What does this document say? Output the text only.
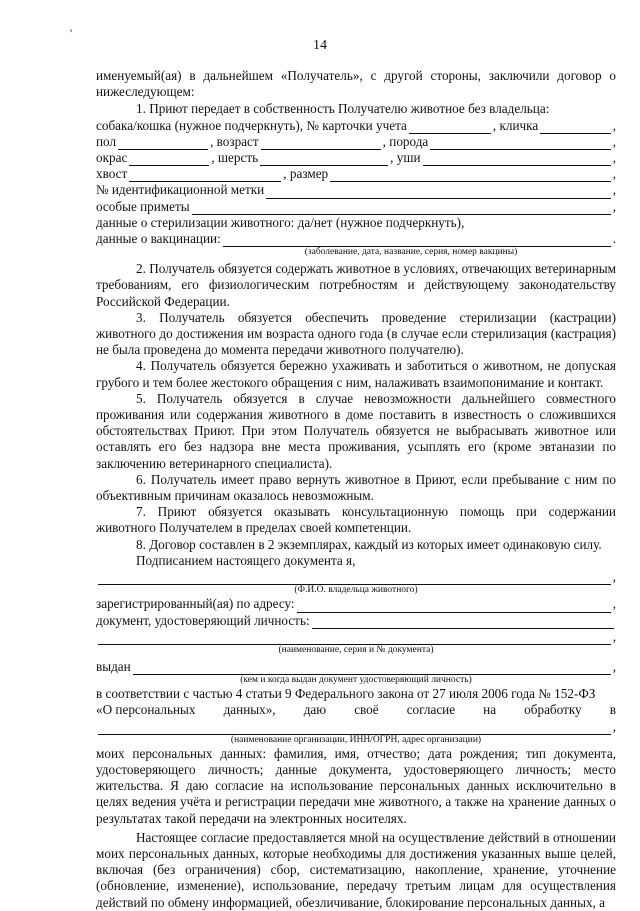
'
14

именуемый(ая) в дальнейшем «Получатель», с другой стороны, заключили договор о нижеследующем:

1. Приют передает в собственность Получателю животное без владельца:

собака/кошка (нужное подчеркнуть), № карточки учета	, кличка	,
пол	, возраст	, порода	,
окрас	, шерсть	, уши	,
хвост	, размер	,
№ идентификационной метки	,
особые приметы	,
данные о стерилизации животного: да/нет (нужное подчеркнуть),
данные о вакцинации:	.
(заболевание, дата, название, серия, номер вакцины)

2. Получатель обязуется содержать животное в условиях, отвечающих ветеринарным требованиям, его физиологическим потребностям и действующему законодательству Российской Федерации.

3. Получатель обязуется обеспечить проведение стерилизации (кастрации) животного до достижения им возраста одного года (в случае если стерилизация (кастрация) не была проведена до момента передачи животного получателю).

4. Получатель обязуется бережно ухаживать и заботиться о животном, не допуская грубого и тем более жестокого обращения с ним, налаживать взаимопонимание и контакт.

5. Получатель обязуется в случае невозможности дальнейшего совместного проживания или содержания животного в доме поставить в известность о сложившихся обстоятельствах Приют. При этом Получатель обязуется не выбрасывать животное или оставлять его без надзора вне места проживания, усыплять его (кроме эвтаназии по заключению ветеринарного специалиста).

6. Получатель имеет право вернуть животное в Приют, если пребывание с ним по объективным причинам оказалось невозможным.

7. Приют обязуется оказывать консультационную помощь при содержании животного Получателем в пределах своей компетенции.

8. Договор составлен в 2 экземплярах, каждый из которых имеет одинаковую силу.

Подписанием настоящего документа я,

,
(Ф.И.О. владельца животного)
зарегистрированный(ая) по адресу:	,
документ, удостоверяющий личность:
,
(наименование, серия и № документа)
выдан	,
(кем и когда выдан документ удостоверяющий личность)
в соответствии с частью 4 статьи 9 Федерального закона от 27 июля 2006 года № 152-ФЗ
«О персональных данных», даю своё согласие на обработку в
,
(наименование организации, ИНН/ОГРН, адрес организации)

моих персональных данных: фамилия, имя, отчество; дата рождения; тип документа, удостоверяющего личность; данные документа, удостоверяющего личность; место жительства. Я даю согласие на использование персональных данных исключительно в целях ведения учёта и регистрации передачи мне животного, а также на хранение данных о результатах такой передачи на электронных носителях.

Настоящее согласие предоставляется мной на осуществление действий в отношении моих персональных данных, которые необходимы для достижения указанных выше целей, включая (без ограничения) сбор, систематизацию, накопление, хранение, уточнение (обновление, изменение), использование, передачу третьим лицам для осуществления действий по обмену информацией, обезличивание, блокирование персональных данных, а
